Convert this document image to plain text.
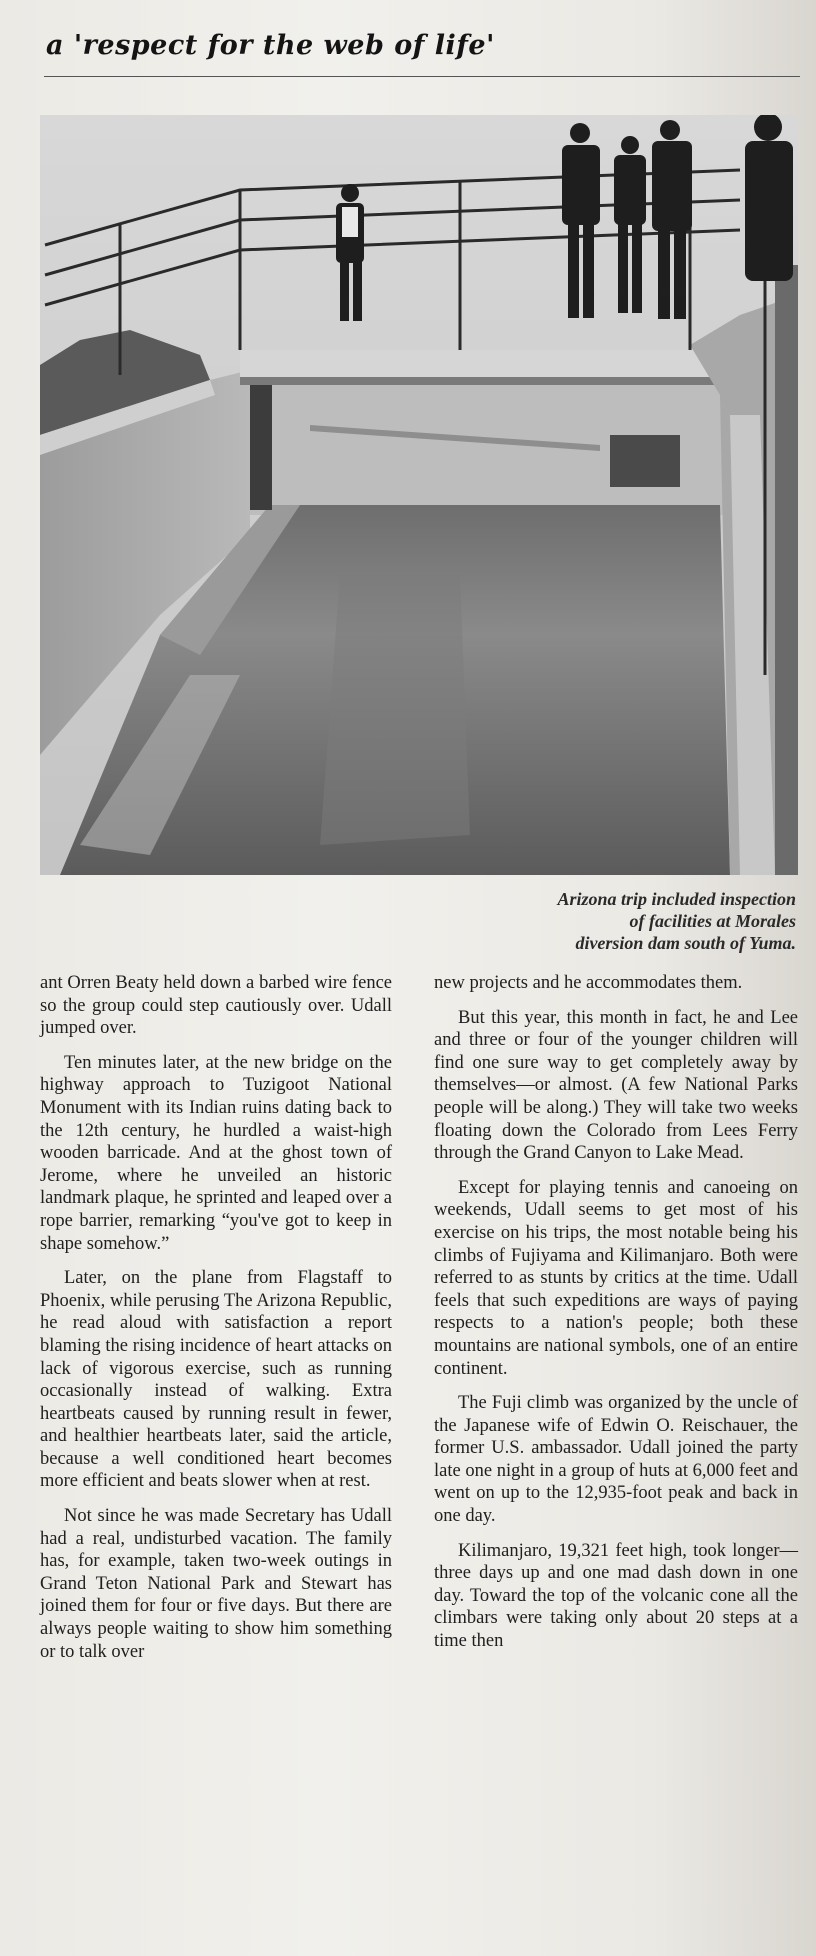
a 'respect for the web of life'
Arizona trip included inspection
of facilities at Morales
diversion dam south of Yuma.

ant Orren Beaty held down a barbed wire fence so the group could step cautiously over. Udall jumped over.

Ten minutes later, at the new bridge on the highway approach to Tuzigoot National Monument with its Indian ruins dating back to the 12th century, he hurdled a waist-high wooden barricade. And at the ghost town of Jerome, where he unveiled an historic landmark plaque, he sprinted and leaped over a rope barrier, remarking “you've got to keep in shape somehow.”

Later, on the plane from Flagstaff to Phoenix, while perusing The Arizona Republic, he read aloud with satisfaction a report blaming the rising incidence of heart attacks on lack of vigorous exercise, such as running occasionally instead of walking. Extra heartbeats caused by running result in fewer, and healthier heartbeats later, said the article, because a well conditioned heart becomes more efficient and beats slower when at rest.

Not since he was made Secretary has Udall had a real, undisturbed vacation. The family has, for example, taken two-week outings in Grand Teton National Park and Stewart has joined them for four or five days. But there are always people waiting to show him something or to talk over

new projects and he accommodates them.

But this year, this month in fact, he and Lee and three or four of the younger children will find one sure way to get completely away by themselves—or almost. (A few National Parks people will be along.) They will take two weeks floating down the Colorado from Lees Ferry through the Grand Canyon to Lake Mead.

Except for playing tennis and canoeing on weekends, Udall seems to get most of his exercise on his trips, the most notable being his climbs of Fujiyama and Kilimanjaro. Both were referred to as stunts by critics at the time. Udall feels that such expeditions are ways of paying respects to a nation's people; both these mountains are national symbols, one of an entire continent.

The Fuji climb was organized by the uncle of the Japanese wife of Edwin O. Reischauer, the former U.S. ambassador. Udall joined the party late one night in a group of huts at 6,000 feet and went on up to the 12,935-foot peak and back in one day.

Kilimanjaro, 19,321 feet high, took longer—three days up and one mad dash down in one day. Toward the top of the volcanic cone all the climbars were taking only about 20 steps at a time then
